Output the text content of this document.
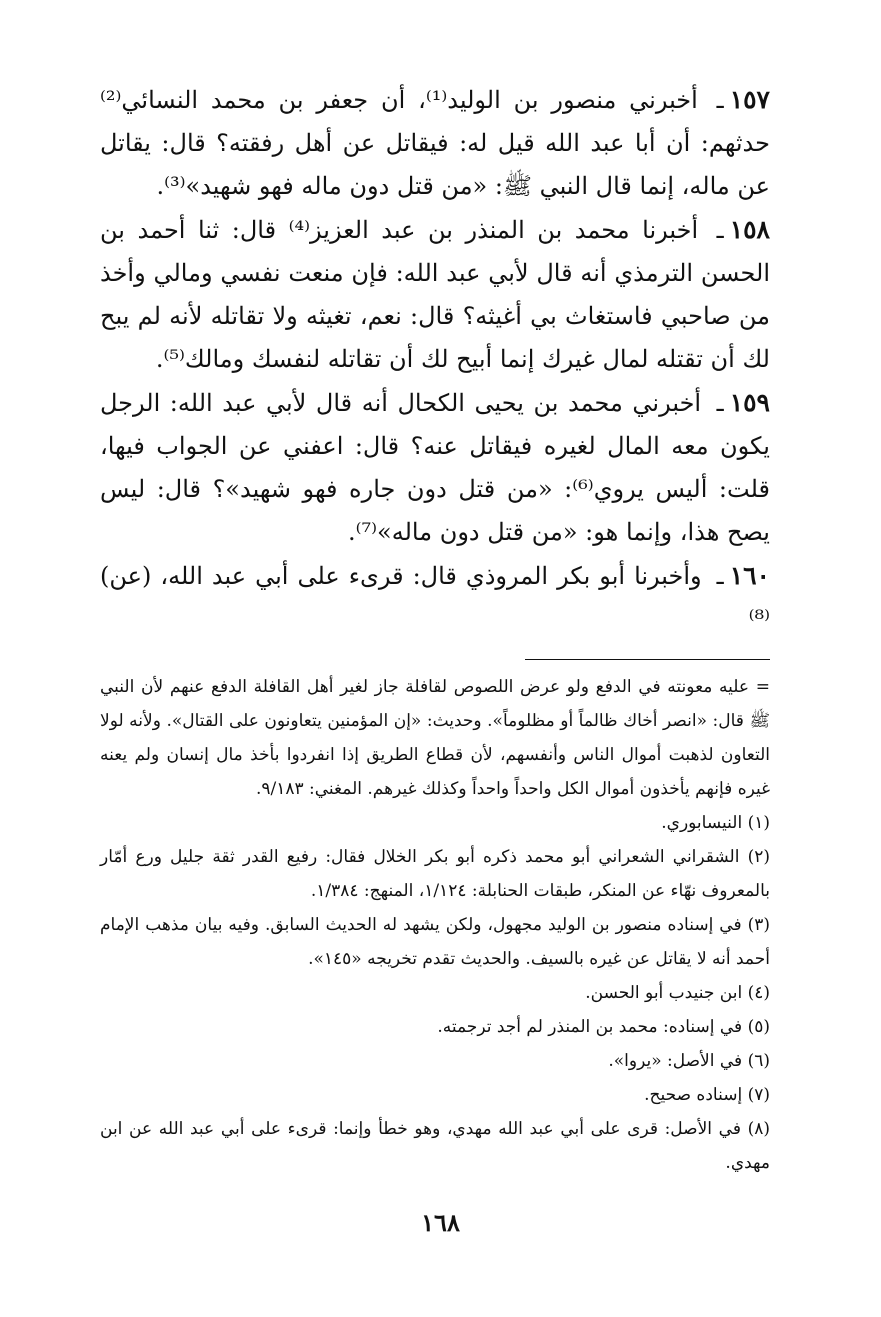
١٥٧ـ أخبرني منصور بن الوليد⁽¹⁾، أن جعفر بن محمد النسائي⁽²⁾ حدثهم: أن أبا عبد الله قيل له: فيقاتل عن أهل رفقته؟ قال: يقاتل عن ماله، إنما قال النبي ﷺ: «من قتل دون ماله فهو شهيد»⁽³⁾.
١٥٨ـ أخبرنا محمد بن المنذر بن عبد العزيز⁽⁴⁾ قال: ثنا أحمد بن الحسن الترمذي أنه قال لأبي عبد الله: فإن منعت نفسي ومالي وأخذ من صاحبي فاستغاث بي أغيثه؟ قال: نعم، تغيثه ولا تقاتله لأنه لم يبح لك أن تقتله لمال غيرك إنما أبيح لك أن تقاتله لنفسك ومالك⁽⁵⁾.
١٥٩ـ أخبرني محمد بن يحيى الكحال أنه قال لأبي عبد الله: الرجل يكون معه المال لغيره فيقاتل عنه؟ قال: اعفني عن الجواب فيها، قلت: أليس يروي⁽⁶⁾: «من قتل دون جاره فهو شهيد»؟ قال: ليس يصح هذا، وإنما هو: «من قتل دون ماله»⁽⁷⁾.
١٦٠ـ وأخبرنا أبو بكر المروذي قال: قرىء على أبي عبد الله، (عن)⁽⁸⁾
= عليه معونته في الدفع ولو عرض اللصوص لقافلة جاز لغير أهل القافلة الدفع عنهم لأن النبي ﷺ قال: «انصر أخاك ظالماً أو مظلوماً». وحديث: «إن المؤمنين يتعاونون على القتال». ولأنه لولا التعاون لذهبت أموال الناس وأنفسهم، لأن قطاع الطريق إذا انفردوا بأخذ مال إنسان ولم يعنه غيره فإنهم يأخذون أموال الكل واحداً واحداً وكذلك غيرهم. المغني: ٩/١٨٣.
(١) النيسابوري.
(٢) الشقراني الشعراني أبو محمد ذكره أبو بكر الخلال فقال: رفيع القدر ثقة جليل ورع أمّار بالمعروف نهّاء عن المنكر، طبقات الحنابلة: ١/١٢٤، المنهج: ١/٣٨٤.
(٣) في إسناده منصور بن الوليد مجهول، ولكن يشهد له الحديث السابق. وفيه بيان مذهب الإمام أحمد أنه لا يقاتل عن غيره بالسيف. والحديث تقدم تخريجه «١٤٥».
(٤) ابن جنيدب أبو الحسن.
(٥) في إسناده: محمد بن المنذر لم أجد ترجمته.
(٦) في الأصل: «يروا».
(٧) إسناده صحيح.
(٨) في الأصل: قرى على أبي عبد الله مهدي، وهو خطأ وإنما: قرىء على أبي عبد الله عن ابن مهدي.
١٦٨
